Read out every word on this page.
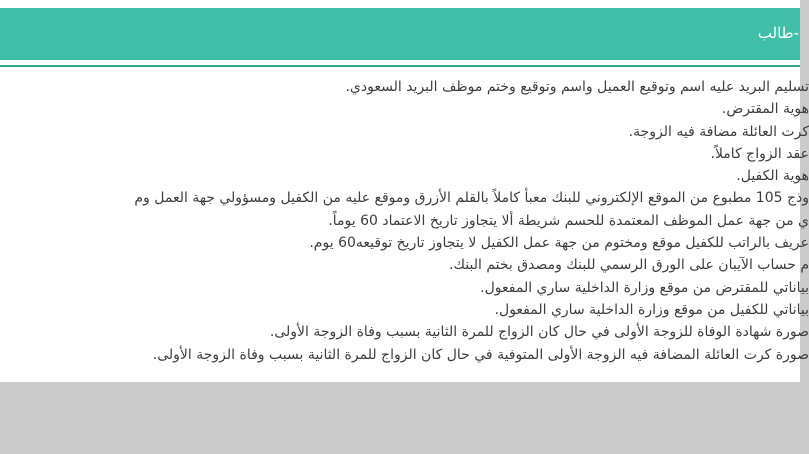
-طالب
تسليم البريد عليه اسم وتوقيع العميل واسم وتوقيع وختم موظف البريد السعودي.
هوية المقترض.
كرت العائلة مضافة فيه الزوجة.
عقد الزواج كاملاً.
هوية الكفيل.
وذج 105 مطبوع من الموقع الإلكتروني للبنك معبأ كاملاً بالقلم الأزرق وموقع عليه من الكفيل ومسؤولي جهة العمل وم
ي من جهة عمل الموظف المعتمدة للحسم شريطة ألا يتجاوز تاريخ الاعتماد 60 يوماً.
عريف بالراتب للكفيل موقع ومختوم من جهة عمل الكفيل لا يتجاوز تاريخ توقيعه60 يوم.
م حساب الآيبان على الورق الرسمي للبنك ومصدق بختم البنك.
بياناتي للمقترض من موقع وزارة الداخلية ساري المفعول.
بياناتي للكفيل من موقع وزارة الداخلية ساري المفعول.
صورة شهادة الوفاة للزوجة الأولى في حال كان الزواج للمرة الثانية بسبب وفاة الزوجة الأولى.
صورة كرت العائلة المضافة فيه الزوجة الأولى المتوفية في حال كان الزواج للمرة الثانية بسبب وفاة الزوجة الأولى.
